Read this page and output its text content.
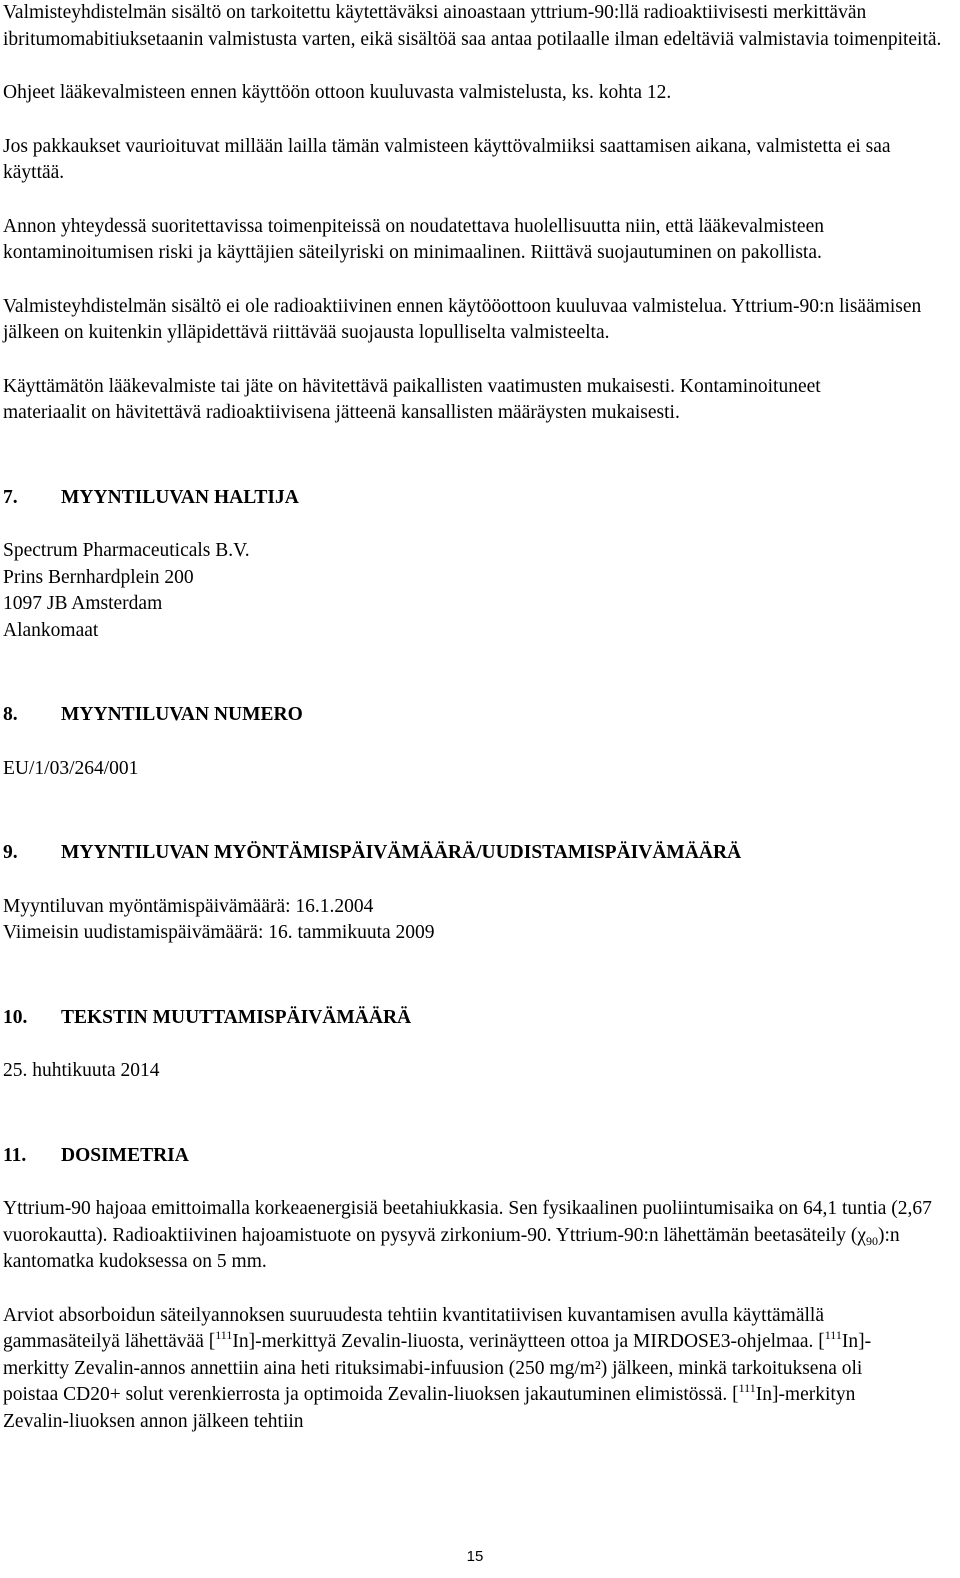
Valmisteyhdistelmän sisältö on tarkoitettu käytettäväksi ainoastaan yttrium-90:llä radioaktiivisesti merkittävän ibritumomabitiuksetaanin valmistusta varten, eikä sisältöä saa antaa potilaalle ilman edeltäviä valmistavia toimenpiteitä.

Ohjeet lääkevalmisteen ennen käyttöön ottoon kuuluvasta valmistelusta, ks. kohta 12.

Jos pakkaukset vaurioituvat millään lailla tämän valmisteen käyttövalmiiksi saattamisen aikana, valmistetta ei saa käyttää.

Annon yhteydessä suoritettavissa toimenpiteissä on noudatettava huolellisuutta niin, että lääkevalmisteen kontaminoitumisen riski ja käyttäjien säteilyriski on minimaalinen. Riittävä suojautuminen on pakollista.

Valmisteyhdistelmän sisältö ei ole radioaktiivinen ennen käytööottoon kuuluvaa valmistelua. Yttrium-90:n lisäämisen jälkeen on kuitenkin ylläpidettävä riittävää suojausta lopulliselta valmisteelta.

Käyttämätön lääkevalmiste tai jäte on hävitettävä paikallisten vaatimusten mukaisesti. Kontaminoituneet materiaalit on hävitettävä radioaktiivisena jätteenä kansallisten määräysten mukaisesti.

7.	MYYNTILUVAN HALTIJA

Spectrum Pharmaceuticals B.V.

Prins Bernhardplein 200

1097 JB Amsterdam

Alankomaat

8.	MYYNTILUVAN NUMERO

EU/1/03/264/001

9.	MYYNTILUVAN MYÖNTÄMISPÄIVÄMÄÄRÄ/UUDISTAMISPÄIVÄMÄÄRÄ

Myyntiluvan myöntämispäivämäärä: 16.1.2004

Viimeisin uudistamispäivämäärä: 16. tammikuuta 2009

10.	TEKSTIN MUUTTAMISPÄIVÄMÄÄRÄ

25. huhtikuuta 2014

11.	DOSIMETRIA

Yttrium-90 hajoaa emittoimalla korkeaenergisiä beetahiukkasia. Sen fysikaalinen puoliintumisaika on 64,1 tuntia (2,67 vuorokautta). Radioaktiivinen hajoamistuote on pysyvä zirkonium-90. Yttrium-90:n lähettämän beetasäteily $(\chi_{90}):n$ kantomatka kudoksessa on 5 mm.

Arviot absorboidun säteilyannoksen suuruudesta tehtiin kvantitatiivisen kuvantamisen avulla käyttämällä gammasäteilyä lähettävää [$^{111}$In]-merkittyä Zevalin-liuosta, verinäytteen ottoa ja MIRDOSE3-ohjelmaa. [$^{111}$In]-merkitty Zevalin-annos annettiin aina heti rituksimabi-infuusion (250 mg/m²) jälkeen, minkä tarkoituksena oli poistaa CD20+ solut verenkierrosta ja optimoida Zevalin-liuoksen jakautuminen elimistössä. [$^{111}$In]-merkityn Zevalin-liuoksen annon jälkeen tehtiin

15
